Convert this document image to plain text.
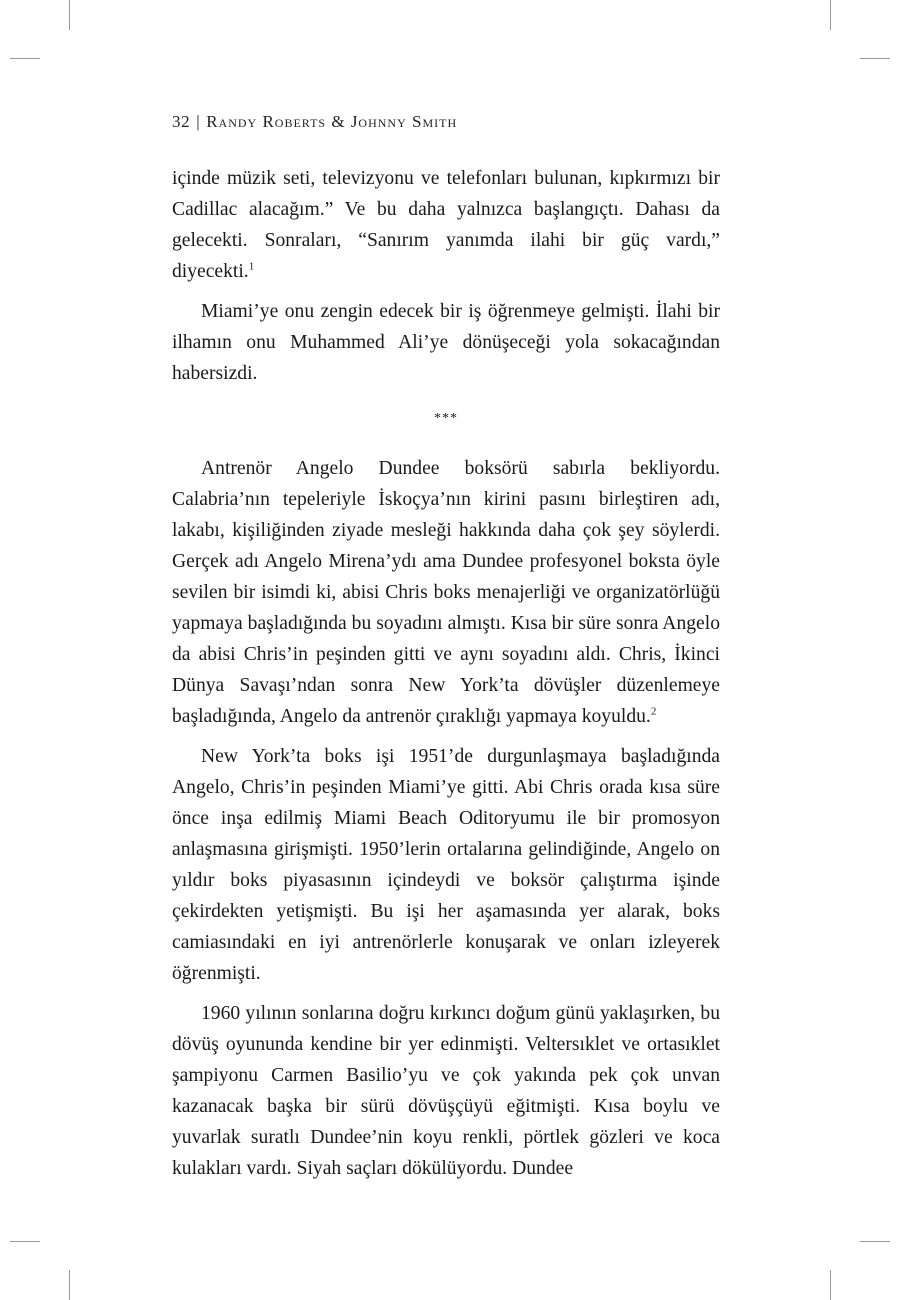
32 | Randy Roberts & Johnny Smith

içinde müzik seti, televizyonu ve telefonları bulunan, kıpkırmızı bir Cadillac alacağım.” Ve bu daha yalnızca başlangıçtı. Dahası da gelecekti. Sonraları, “Sanırım yanımda ilahi bir güç vardı,” diyecekti.$^1$

Miami’ye onu zengin edecek bir iş öğrenmeye gelmişti. İlahi bir ilhamın onu Muhammed Ali’ye dönüşeceği yola sokacağından habersizdi.

***

Antrenör Angelo Dundee boksörü sabırla bekliyordu. Calabria’nın tepeleriyle İskoçya’nın kirini pasını birleştiren adı, lakabı, kişiliğinden ziyade mesleği hakkında daha çok şey söylerdi. Gerçek adı Angelo Mirena’ydı ama Dundee profesyonel boksta öyle sevilen bir isimdi ki, abisi Chris boks menajerliği ve organizatörlüğü yapmaya başladığında bu soyadını almıştı. Kısa bir süre sonra Angelo da abisi Chris’in peşinden gitti ve aynı soyadını aldı. Chris, İkinci Dünya Savaşı’ndan sonra New York’ta dövüşler düzenlemeye başladığında, Angelo da antrenör çıraklığı yapmaya koyuldu.$^2$

New York’ta boks işi 1951’de durgunlaşmaya başladığında Angelo, Chris’in peşinden Miami’ye gitti. Abi Chris orada kısa süre önce inşa edilmiş Miami Beach Oditoryumu ile bir promosyon anlaşmasına girişmişti. 1950’lerin ortalarına gelindiğinde, Angelo on yıldır boks piyasasının içindeydi ve boksör çalıştırma işinde çekirdekten yetişmişti. Bu işi her aşamasında yer alarak, boks camiasındaki en iyi antrenörlerle konuşarak ve onları izleyerek öğrenmişti.

1960 yılının sonlarına doğru kırkıncı doğum günü yaklaşırken, bu dövüş oyununda kendine bir yer edinmişti. Veltersıklet ve ortasıklet şampiyonu Carmen Basilio’yu ve çok yakında pek çok unvan kazanacak başka bir sürü dövüşçüyü eğitmişti. Kısa boylu ve yuvarlak suratlı Dundee’nin koyu renkli, pörtlek gözleri ve koca kulakları vardı. Siyah saçları dökülüyordu. Dundee
